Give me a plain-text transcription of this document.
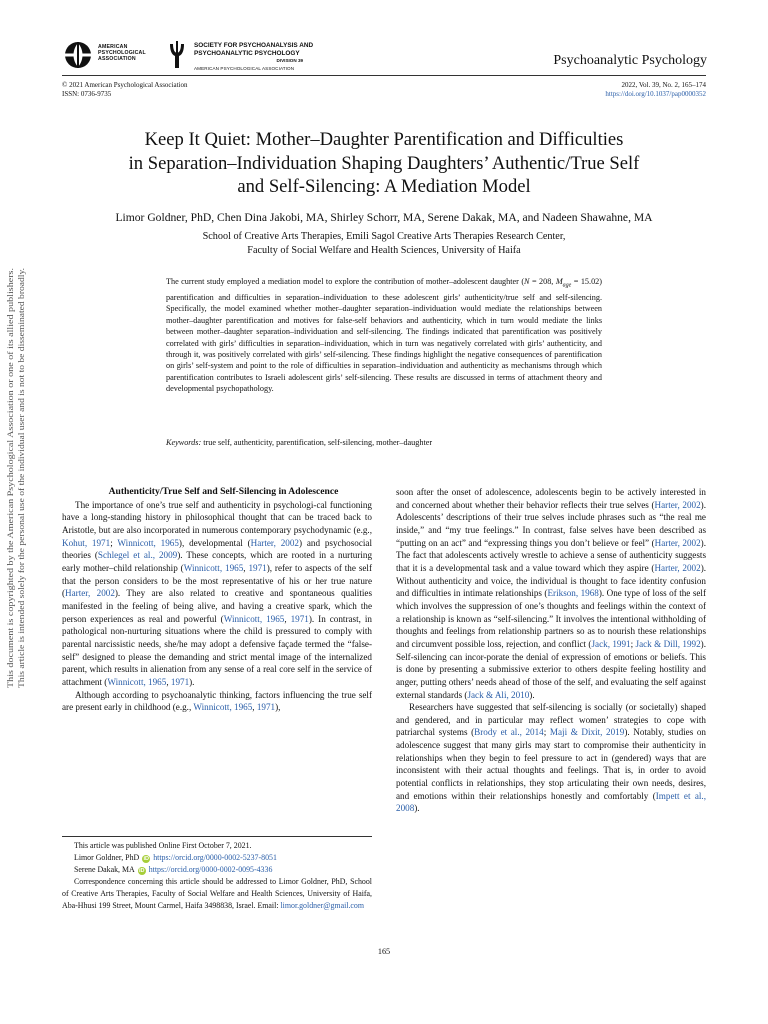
AMERICAN
PSYCHOLOGICAL
ASSOCIATION
SOCIETY FOR PSYCHOANALYSIS AND
PSYCHOANALYTIC PSYCHOLOGY
DIVISION 39
AMERICAN PSYCHOLOGICAL ASSOCIATION
Psychoanalytic Psychology
© 2021 American Psychological Association
ISSN: 0736-9735
2022, Vol. 39, No. 2, 165–174
https://doi.org/10.1037/pap0000352
Keep It Quiet: Mother–Daughter Parentification and Difficulties
in Separation–Individuation Shaping Daughters’ Authentic/True Self
and Self-Silencing: A Mediation Model
Limor Goldner, PhD, Chen Dina Jakobi, MA, Shirley Schorr, MA, Serene Dakak, MA, and Nadeen Shawahne, MA
School of Creative Arts Therapies, Emili Sagol Creative Arts Therapies Research Center,
Faculty of Social Welfare and Health Sciences, University of Haifa
The current study employed a mediation model to explore the contribution of mother–adolescent daughter (N = 208, $M_{age} = 15.02$) parentification and difficulties in separation–individuation to these adolescent girls’ authenticity/true self and self-silencing. Specifically, the model examined whether mother–daughter separation–individuation would mediate the relationships between mother–daughter parentification and motives for false-self behaviors and authenticity, which in turn would mediate the links between mother–daughter separation–individuation and self-silencing. The findings indicated that parentification was positively correlated with girls’ difficulties in separation–individuation, which in turn was negatively correlated with girls’ authenticity, and through it, was positively correlated with girls’ self-silencing. These findings highlight the negative consequences of parentification on girls’ self-system and point to the role of difficulties in separation–individuation and authenticity as mechanisms through which parentification contributes to Israeli adolescent girls’ self-silencing. These results are discussed in terms of attachment theory and developmental psychopathology.
Keywords: true self, authenticity, parentification, self-silencing, mother–daughter
This document is copyrighted by the American Psychological Association or one of its allied publishers. This article is intended solely for the personal use of the individual user and is not to be disseminated broadly.	Authenticity/True Self and Self-Silencing in Adolescence

The importance of one’s true self and authenticity in psychologi-cal functioning have a long-standing history in philosophical thought that can be traced back to Aristotle, but are also incorporated in numerous contemporary psychodynamic (e.g., Kohut, 1971; Winnicott, 1965), developmental (Harter, 2002) and psychosocial theories (Schlegel et al., 2009). These concepts, which are rooted in a nurturing early mother–child relationship (Winnicott, 1965, 1971), refer to aspects of the self that the person considers to be the most representative of his or her true nature (Harter, 2002). They are also related to creative and spontaneous qualities manifested in the feeling of being alive, and having a creative spark, which the person experiences as real and powerful (Winnicott, 1965, 1971). In contrast, in pathological non-nurturing situations where the child is pressured to comply with parental narcissistic needs, she/he may adopt a defensive façade termed the “false-self” designed to please the demanding and strict mental image of the internalized parent, which results in alienation from any sense of a real core self in the service of attachment (Winnicott, 1965, 1971).

Although according to psychoanalytic thinking, factors influencing the true self are present early in childhood (e.g., Winnicott, 1965, 1971),

This article was published Online First October 7, 2021.

Limor Goldner, PhD iD https://orcid.org/0000-0002-5237-8051

Serene Dakak, MA iD https://orcid.org/0000-0002-0095-4336

Correspondence concerning this article should be addressed to Limor Goldner, PhD, School of Creative Arts Therapies, Faculty of Social Welfare and Health Sciences, University of Haifa, Aba-Hhusi 199 Street, Mount Carmel, Haifa 3498838, Israel. Email: limor.goldner@gmail.com

soon after the onset of adolescence, adolescents begin to be actively interested in and concerned about whether their behavior reflects their true selves (Harter, 2002). Adolescents’ descriptions of their true selves include phrases such as “the real me inside,” and “my true feelings.” In contrast, false selves have been described as “putting on an act” and “expressing things you don’t believe or feel” (Harter, 2002). The fact that adolescents actively wrestle to achieve a sense of authenticity suggests that it is a developmental task and a value toward which they aspire (Harter, 2002). Without authenticity and voice, the individual is thought to face identity confusion and difficulties in intimate relationships (Erikson, 1968). One type of loss of the self which involves the suppression of one’s thoughts and feelings within the context of a relationship is known as “self-silencing.” It involves the intentional withholding of thoughts and feelings from relationship partners so as to nourish these relationships and circumvent possible loss, rejection, and conflict (Jack, 1991; Jack & Dill, 1992). Self-silencing can incor-porate the denial of expression of emotions or beliefs. This is done by presenting a submissive exterior to others despite feeling hostility and anger, putting others’ needs ahead of those of the self, and evaluating the self against external standards (Jack & Ali, 2010).

Researchers have suggested that self-silencing is socially (or societally) shaped and gendered, and in particular may reflect women’ strategies to cope with patriarchal systems (Brody et al., 2014; Maji & Dixit, 2019). Notably, studies on adolescence suggest that many girls may start to compromise their authenticity in relationships when they begin to feel pressure to act in (gendered) ways that are inconsistent with their actual thoughts and feelings. That is, in order to avoid potential conflicts in relationships, they stop articulating their own needs, desires, and emotions within their relationships honestly and comfortably (Impett et al., 2008).

165
